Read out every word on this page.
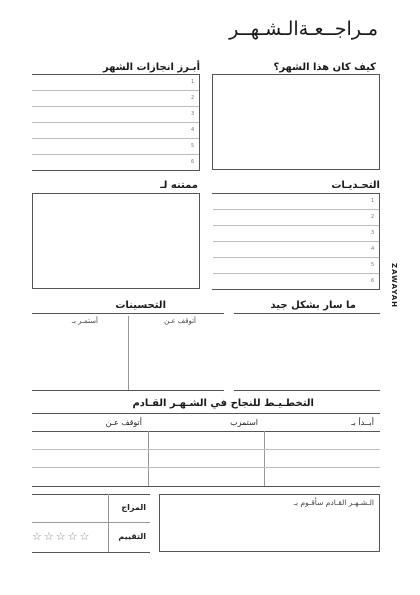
مـراجــعـةالـشـهــر
ZAWAYAH
كيف كان هذا الشهر؟
أبـرز انجازات الشهر
1
2
3
4
5
6
التحـديـات
1
2
3
4
5
6
ممتنه لـ
ما سار بشكل جيد
التحسينات
أتوقف عـن
أستمـر بـ
التخطـيـط للنجاح في الشـهـر القـادم
أبــدأ بـ
استمرب
أتوقف عـن
الـشـهـر القـادم سأقـوم بـ
المزاج
التقييم
☆☆☆☆☆
